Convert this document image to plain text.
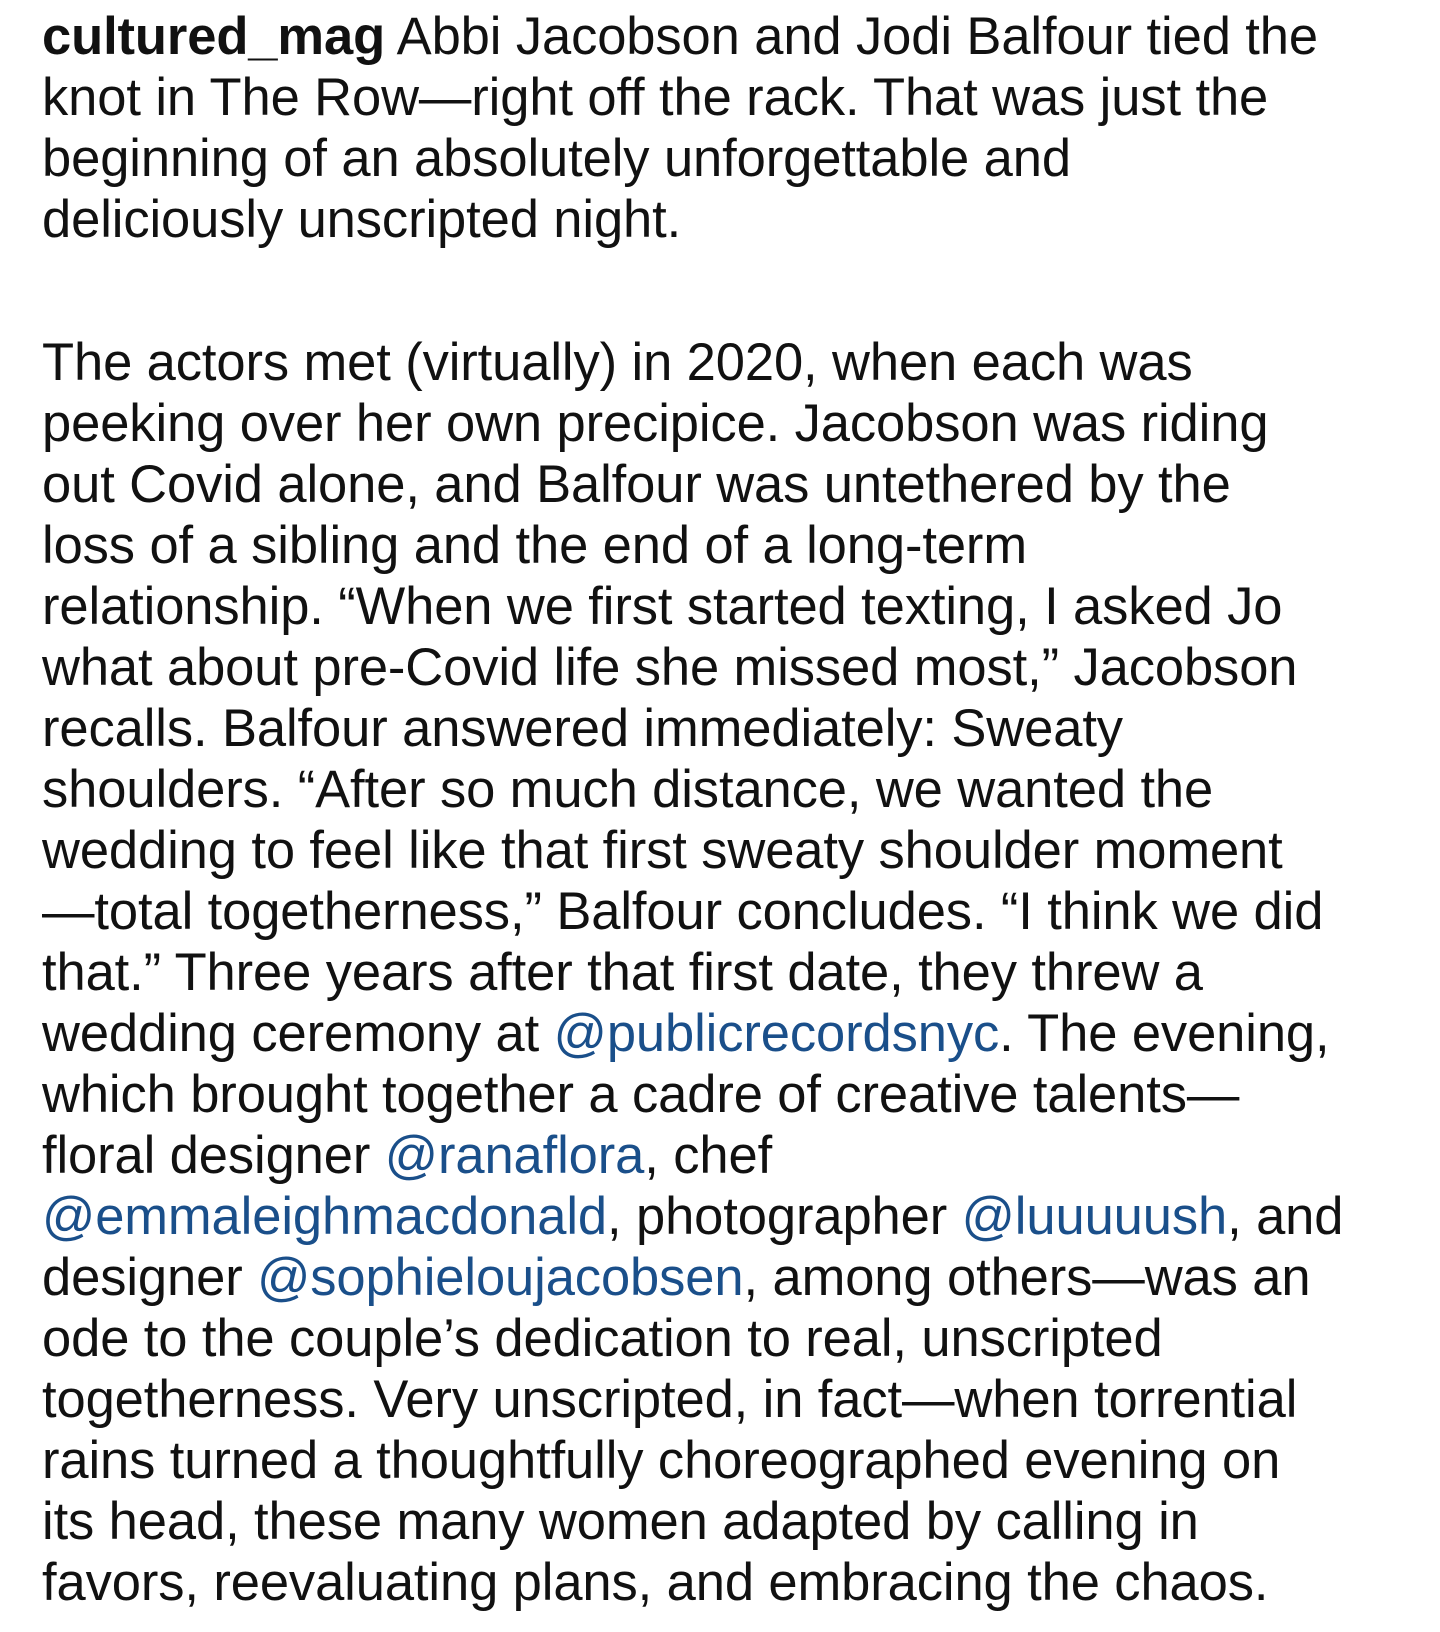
cultured_mag Abbi Jacobson and Jodi Balfour tied the
knot in The Row—right off the rack. That was just the
beginning of an absolutely unforgettable and
deliciously unscripted night.
The actors met (virtually) in 2020, when each was
peeking over her own precipice. Jacobson was riding
out Covid alone, and Balfour was untethered by the
loss of a sibling and the end of a long-term
relationship. “When we first started texting, I asked Jo
what about pre-Covid life she missed most,” Jacobson
recalls. Balfour answered immediately: Sweaty
shoulders. “After so much distance, we wanted the
wedding to feel like that first sweaty shoulder moment
—total togetherness,” Balfour concludes. “I think we did
that.” Three years after that first date, they threw a
wedding ceremony at @publicrecordsnyc. The evening,
which brought together a cadre of creative talents—
floral designer @ranaflora, chef
@emmaleighmacdonald, photographer @luuuuush, and
designer @sophieloujacobsen, among others—was an
ode to the couple’s dedication to real, unscripted
togetherness. Very unscripted, in fact—when torrential
rains turned a thoughtfully choreographed evening on
its head, these many women adapted by calling in
favors, reevaluating plans, and embracing the chaos.
